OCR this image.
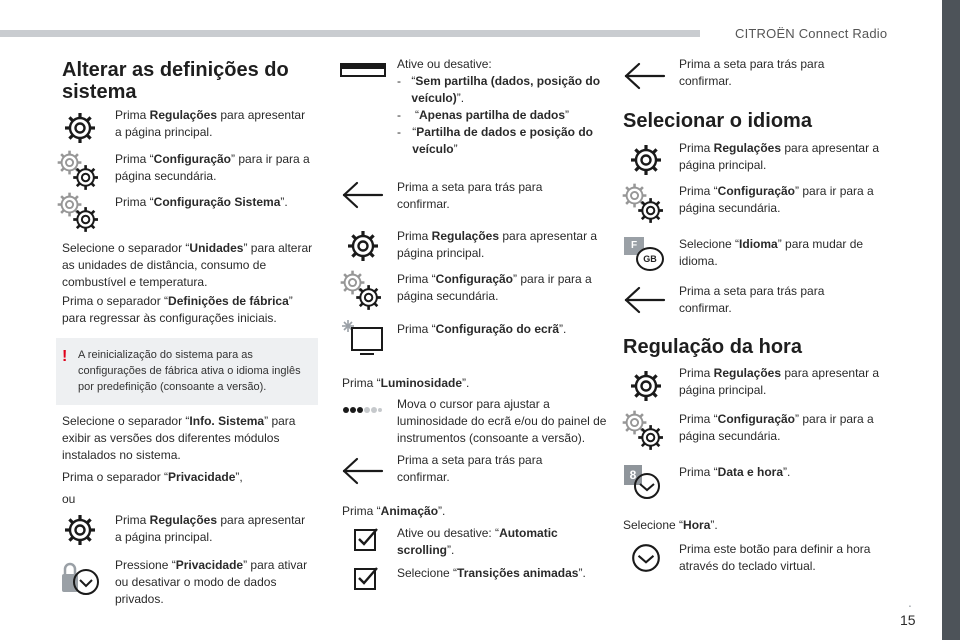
CITROËN Connect Radio
Alterar as definições do sistema
Prima Regulações para apresentar a página principal.
Prima “Configuração” para ir para a página secundária.
Prima “Configuração Sistema”.
Selecione o separador “Unidades” para alterar as unidades de distância, consumo de combustível e temperatura.
Prima o separador “Definições de fábrica” para regressar às configurações iniciais.
! A reinicialização do sistema para as configurações de fábrica ativa o idioma inglês por predefinição (consoante a versão).
Selecione o separador “Info. Sistema” para exibir as versões dos diferentes módulos instalados no sistema.
Prima o separador “Privacidade”,
ou
Prima Regulações para apresentar a página principal.
Pressione “Privacidade” para ativar ou desativar o modo de dados privados.
Ative ou desative:
- “Sem partilha (dados, posição do veículo)”.
-	“Apenas partilha de dados”
- “Partilha de dados e posição do veículo”
Prima a seta para trás para confirmar.
Prima Regulações para apresentar a página principal.
Prima “Configuração” para ir para a página secundária.
Prima “Configuração do ecrã”.
Prima “Luminosidade”.
Mova o cursor para ajustar a luminosidade do ecrã e/ou do painel de instrumentos (consoante a versão).
Prima a seta para trás para confirmar.
Prima “Animação”.
Ative ou desative: “Automatic scrolling”.
Selecione “Transições animadas”.
Prima a seta para trás para confirmar.
Selecionar o idioma
Prima Regulações para apresentar a página principal.
Prima “Configuração” para ir para a página secundária.
F
GB
Selecione “Idioma” para mudar de idioma.
Prima a seta para trás para confirmar.
Regulação da hora
Prima Regulações para apresentar a página principal.
Prima “Configuração” para ir para a página secundária.
8	Prima “Data e hora”.
Selecione “Hora”.
Prima este botão para definir a hora através do teclado virtual.
.
15
